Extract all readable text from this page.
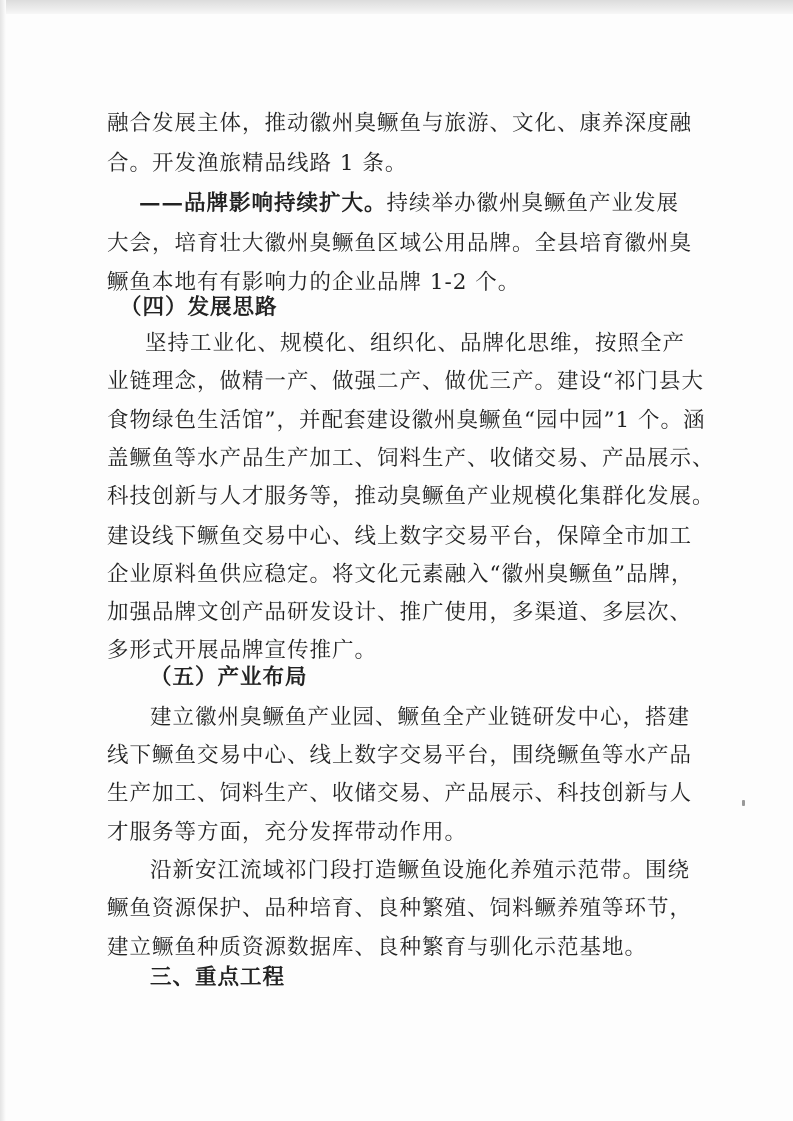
融合发展主体，推动徽州臭鳜鱼与旅游、文化、康养深度融
合。开发渔旅精品线路 1 条。
——品牌影响持续扩大。持续举办徽州臭鳜鱼产业发展
大会，培育壮大徽州臭鳜鱼区域公用品牌。全县培育徽州臭
鳜鱼本地有有影响力的企业品牌 1-2 个。
（四）发展思路
坚持工业化、规模化、组织化、品牌化思维，按照全产
业链理念，做精一产、做强二产、做优三产。建设“祁门县大
食物绿色生活馆”，并配套建设徽州臭鳜鱼“园中园”1 个。涵
盖鳜鱼等水产品生产加工、饲料生产、收储交易、产品展示、
科技创新与人才服务等，推动臭鳜鱼产业规模化集群化发展。
建设线下鳜鱼交易中心、线上数字交易平台，保障全市加工
企业原料鱼供应稳定。将文化元素融入“徽州臭鳜鱼”品牌，
加强品牌文创产品研发设计、推广使用，多渠道、多层次、
多形式开展品牌宣传推广。
（五）产业布局
建立徽州臭鳜鱼产业园、鳜鱼全产业链研发中心，搭建
线下鳜鱼交易中心、线上数字交易平台，围绕鳜鱼等水产品
生产加工、饲料生产、收储交易、产品展示、科技创新与人
才服务等方面，充分发挥带动作用。
沿新安江流域祁门段打造鳜鱼设施化养殖示范带。围绕
鳜鱼资源保护、品种培育、良种繁殖、饲料鳜养殖等环节，
建立鳜鱼种质资源数据库、良种繁育与驯化示范基地。
三、重点工程
